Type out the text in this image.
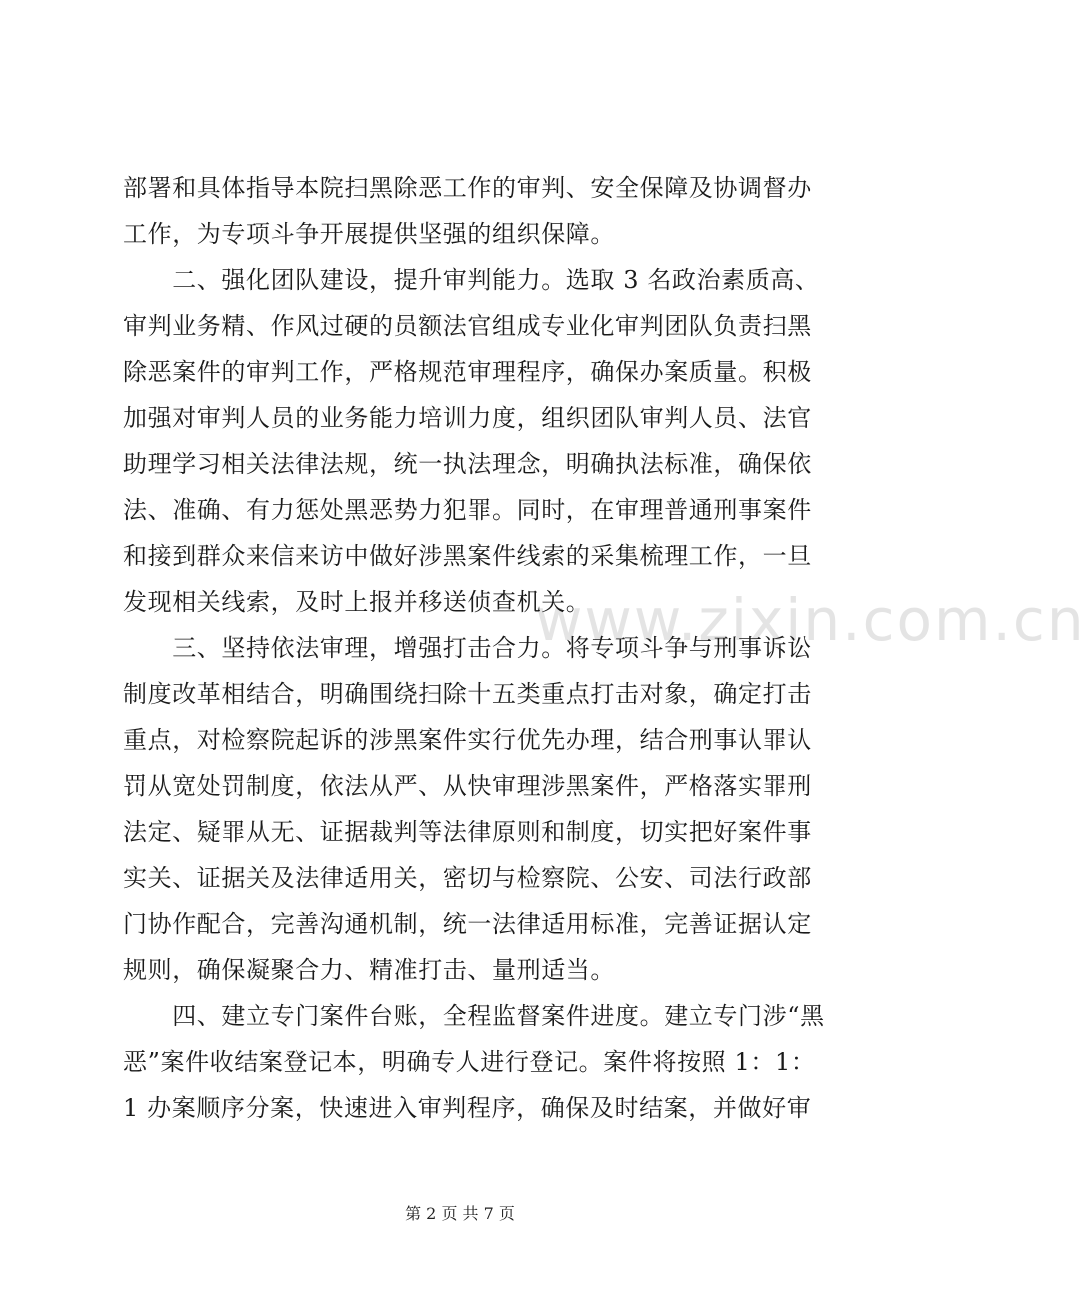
www.zixin.com.cn
部署和具体指导本院扫黑除恶工作的审判、安全保障及协调督办
工作，为专项斗争开展提供坚强的组织保障。
　　二、强化团队建设，提升审判能力。选取 3 名政治素质高、
审判业务精、作风过硬的员额法官组成专业化审判团队负责扫黑
除恶案件的审判工作，严格规范审理程序，确保办案质量。积极
加强对审判人员的业务能力培训力度，组织团队审判人员、法官
助理学习相关法律法规，统一执法理念，明确执法标准，确保依
法、准确、有力惩处黑恶势力犯罪。同时，在审理普通刑事案件
和接到群众来信来访中做好涉黑案件线索的采集梳理工作，一旦
发现相关线索，及时上报并移送侦查机关。
　　三、坚持依法审理，增强打击合力。将专项斗争与刑事诉讼
制度改革相结合，明确围绕扫除十五类重点打击对象，确定打击
重点，对检察院起诉的涉黑案件实行优先办理，结合刑事认罪认
罚从宽处罚制度，依法从严、从快审理涉黑案件，严格落实罪刑
法定、疑罪从无、证据裁判等法律原则和制度，切实把好案件事
实关、证据关及法律适用关，密切与检察院、公安、司法行政部
门协作配合，完善沟通机制，统一法律适用标准，完善证据认定
规则，确保凝聚合力、精准打击、量刑适当。
　　四、建立专门案件台账，全程监督案件进度。建立专门涉“黑
恶”案件收结案登记本，明确专人进行登记。案件将按照 1：1：
1 办案顺序分案，快速进入审判程序，确保及时结案，并做好审
第 2 页 共 7 页
